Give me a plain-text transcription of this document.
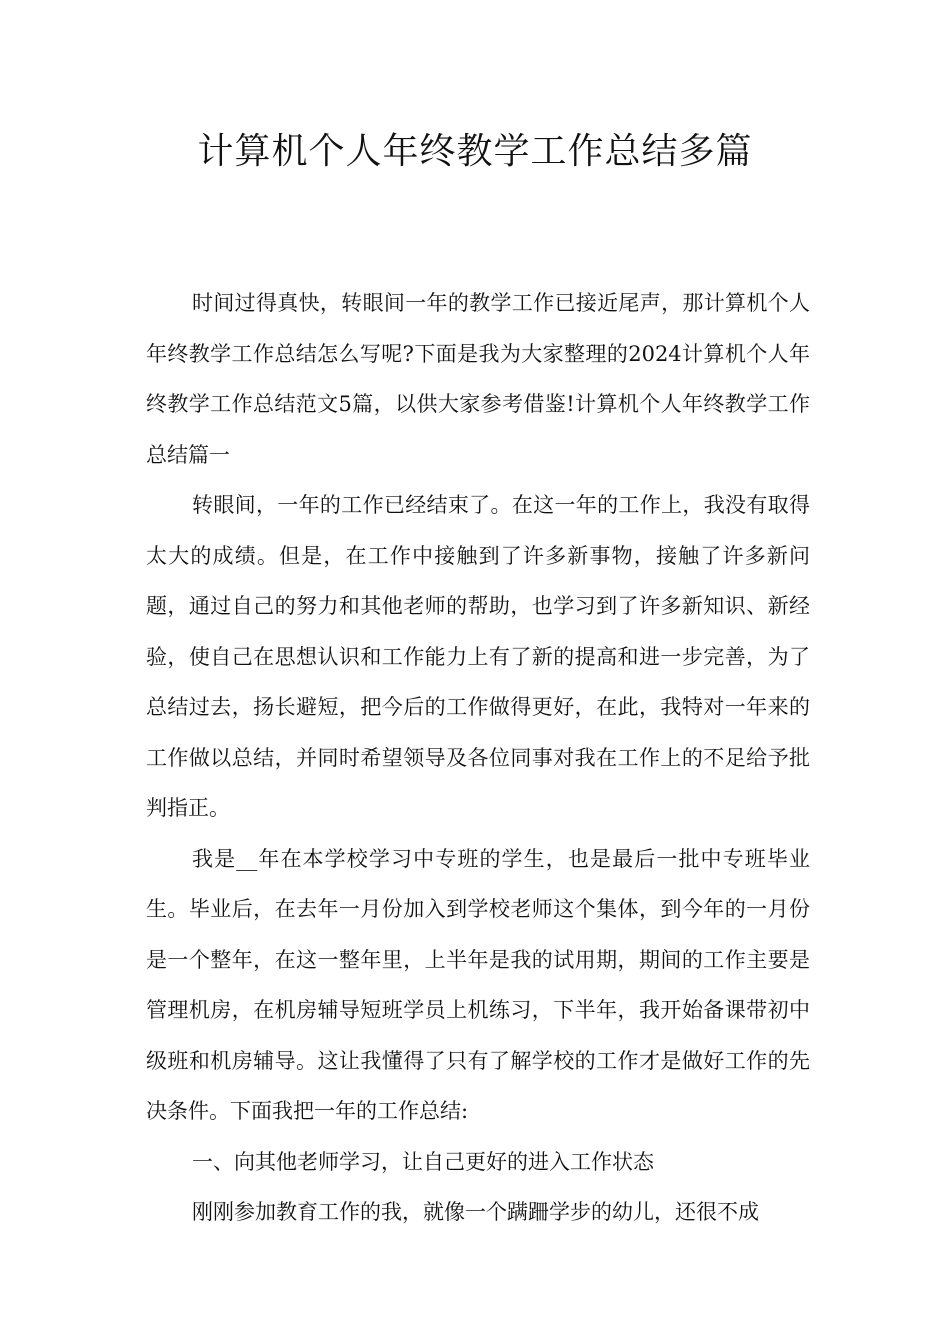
计算机个人年终教学工作总结多篇

时间过得真快，转眼间一年的教学工作已接近尾声，那计算机个人年终教学工作总结怎么写呢?下面是我为大家整理的2024计算机个人年终教学工作总结范文5篇，以供大家参考借鉴!计算机个人年终教学工作总结篇一

转眼间，一年的工作已经结束了。在这一年的工作上，我没有取得太大的成绩。但是，在工作中接触到了许多新事物，接触了许多新问题，通过自己的努力和其他老师的帮助，也学习到了许多新知识、新经验，使自己在思想认识和工作能力上有了新的提高和进一步完善，为了总结过去，扬长避短，把今后的工作做得更好，在此，我特对一年来的工作做以总结，并同时希望领导及各位同事对我在工作上的不足给予批判指正。

我是__年在本学校学习中专班的学生，也是最后一批中专班毕业生。毕业后，在去年一月份加入到学校老师这个集体，到今年的一月份是一个整年，在这一整年里，上半年是我的试用期，期间的工作主要是管理机房，在机房辅导短班学员上机练习，下半年，我开始备课带初中级班和机房辅导。这让我懂得了只有了解学校的工作才是做好工作的先决条件。下面我把一年的工作总结:

一、向其他老师学习，让自己更好的进入工作状态

刚刚参加教育工作的我，就像一个蹒跚学步的幼儿，还很不成
